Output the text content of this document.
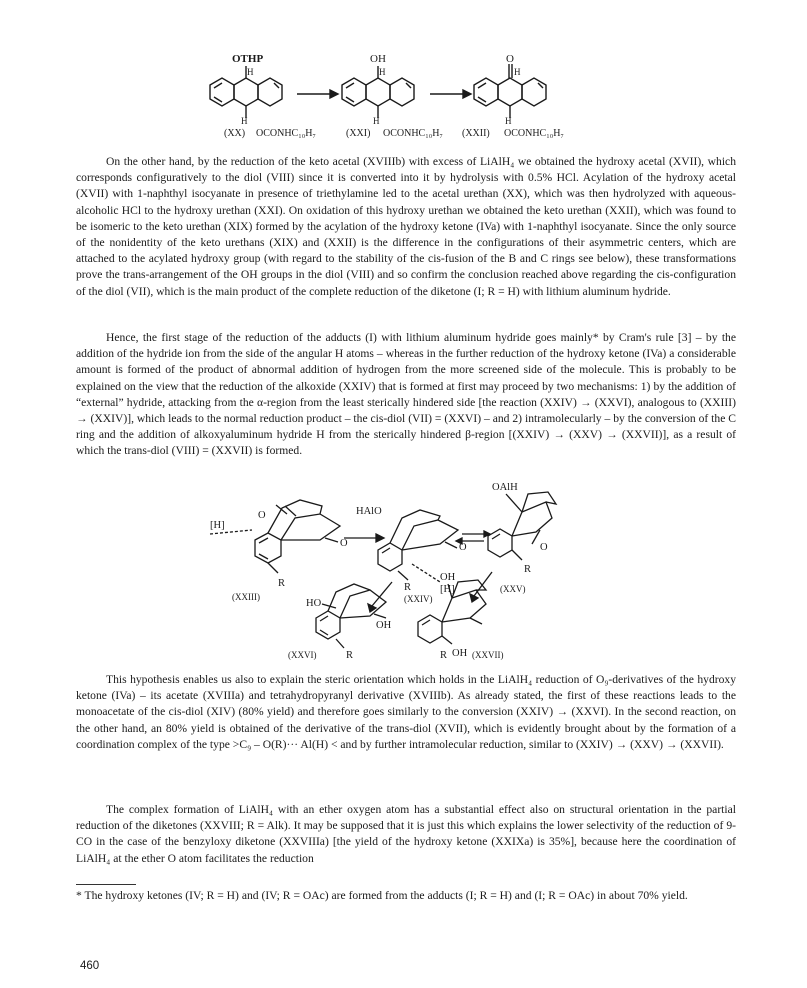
OTHP
H
OH
H
O
H
H	H	H
(XX) OCONHC₁₀H₇	(XXI) OCONHC₁₀H₇ (XXII) OCONHC₁₀H₇

On the other hand, by the reduction of the keto acetal (XVIIIb) with excess of LiAlH₄ we obtained the hydroxy acetal (XVII), which corresponds configuratively to the diol (VIII) since it is converted into it by hydrolysis with 0.5% HCl. Acylation of the hydroxy acetal (XVII) with 1-naphthyl isocyanate in presence of triethylamine led to the acetal urethan (XX), which was then hydrolyzed with aqueous-alcoholic HCl to the hydroxy urethan (XXI). On oxidation of this hydroxy urethan we obtained the keto urethan (XXII), which was found to be isomeric to the keto urethan (XIX) formed by the acylation of the hydroxy ketone (IVa) with 1-naphthyl isocyanate. Since the only source of the nonidentity of the keto urethans (XIX) and (XXII) is the difference in the configurations of their asymmetric centers, which are attached to the acylated hydroxy group (with regard to the stability of the cis-fusion of the B and C rings see below), these transformations prove the trans-arrangement of the OH groups in the diol (VIII) and so confirm the conclusion reached above regarding the cis-configuration of the diol (VII), which is the main product of the complete reduction of the diketone (I; R = H) with lithium aluminum hydride.

Hence, the first stage of the reduction of the adducts (I) with lithium aluminum hydride goes mainly* by Cram's rule [3] – by the addition of the hydride ion from the side of the angular H atoms – whereas in the further reduction of the hydroxy ketone (IVa) a considerable amount is formed of the product of abnormal addition of hydrogen from the more screened side of the molecule. This is probably to be explained on the view that the reduction of the alkoxide (XXIV) that is formed at first may proceed by two mechanisms: 1) by the addition of “external” hydride, attacking from the α-region from the least sterically hindered side [the reaction (XXIV) → (XXVI), analogous to (XXIII) → (XXIV)], which leads to the normal reduction product – the cis-diol (VII) = (XXVI) – and 2) intramolecularly – by the conversion of the C ring and the addition of alkoxyaluminum hydride H from the sterically hindered β-region [(XXIV) → (XXV) → (XXVII)], as a result of which the trans-diol (VIII) = (XXVII) is formed.

[H]
O
O
R
(XXIII)
HAlO
O
R	[H]
(XXIV)
OAlH
O
R
(XXV)
HO
OH
R
(XXVI)
OH
OH
R	(XXVII)

This hypothesis enables us also to explain the steric orientation which holds in the LiAlH₄ reduction of O₉-derivatives of the hydroxy ketone (IVa) – its acetate (XVIIIa) and tetrahydropyranyl derivative (XVIIIb). As already stated, the first of these reactions leads to the monoacetate of the cis-diol (XIV) (80% yield) and therefore goes similarly to the conversion (XXIV) → (XXVI). In the second reaction, on the other hand, an 80% yield is obtained of the derivative of the trans-diol (XVII), which is evidently brought about by the formation of a coordination complex of the type >C₉ – O(R)··· Al(H) < and by further intramolecular reduction, similar to (XXIV) → (XXV) → (XXVII).

The complex formation of LiAlH₄ with an ether oxygen atom has a substantial effect also on structural orientation in the partial reduction of the diketones (XXVIII; R = Alk). It may be supposed that it is just this which explains the lower selectivity of the reduction of 9-CO in the case of the benzyloxy diketone (XXVIIIa) [the yield of the hydroxy ketone (XXIXa) is 35%], because here the coordination of LiAlH₄ at the ether O atom facilitates the reduction

* The hydroxy ketones (IV; R = H) and (IV; R = OAc) are formed from the adducts (I; R = H) and (I; R = OAc) in about 70% yield.

460
